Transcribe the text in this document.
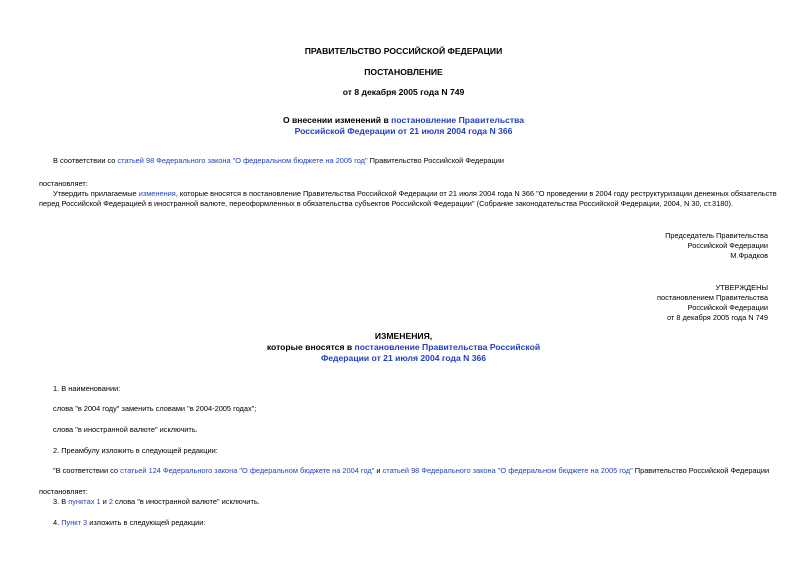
ПРАВИТЕЛЬСТВО РОССИЙСКОЙ ФЕДЕРАЦИИ
ПОСТАНОВЛЕНИЕ
от 8 декабря 2005 года N 749
О внесении изменений в постановление Правительства
Российской Федерации от 21 июля 2004 года N 366
В соответствии со статьей 98 Федерального закона "О федеральном бюджете на 2005 год" Правительство Российской Федерации
постановляет:
Утвердить прилагаемые изменения, которые вносятся в постановление Правительства Российской Федерации от 21 июля 2004 года N 366 "О проведении в 2004 году реструктуризации денежных обязательств
перед Российской Федерацией в иностранной валюте, переоформленных в обязательства субъектов Российской Федерации" (Собрание законодательства Российской Федерации, 2004, N 30, ст.3180).
Председатель Правительства
Российской Федерации
М.Фрадков
УТВЕРЖДЕНЫ
постановлением Правительства
Российской Федерации
от 8 декабря 2005 года N 749
ИЗМЕНЕНИЯ,
которые вносятся в постановление Правительства Российской
Федерации от 21 июля 2004 года N 366
1. В наименовании:
слова "в 2004 году" заменить словами "в 2004-2005 годах";
слова "в иностранной валюте" исключить.
2. Преамбулу изложить в следующей редакции:
"В соответствии со статьей 124 Федерального закона "О федеральном бюджете на 2004 год" и статьей 98 Федерального закона "О федеральном бюджете на 2005 год" Правительство Российской Федерации
постановляет:
3. В пунктах 1 и 2 слова "в иностранной валюте" исключить.
4. Пункт 3 изложить в следующей редакции:
